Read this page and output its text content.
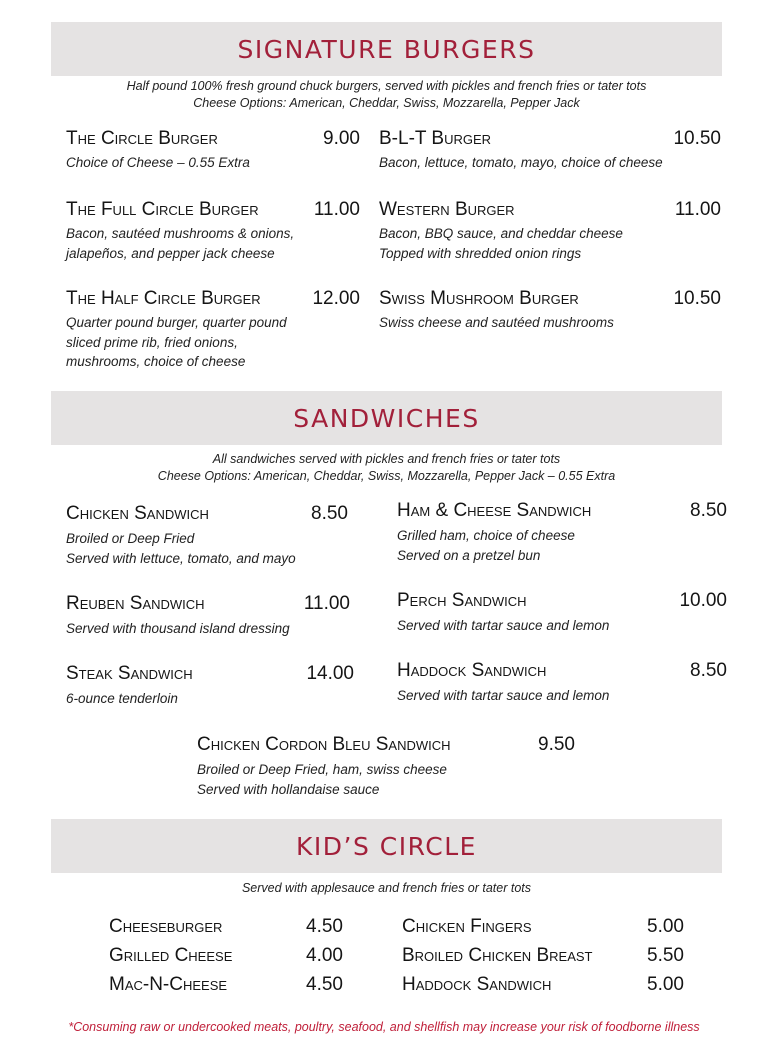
SIGNATURE BURGERS
Half pound 100% fresh ground chuck burgers, served with pickles and french fries or tater tots
Cheese Options: American, Cheddar, Swiss, Mozzarella, Pepper Jack
SANDWICHES
All sandwiches served with pickles and french fries or tater tots
Cheese Options: American, Cheddar, Swiss, Mozzarella, Pepper Jack – 0.55 Extra
KID’S CIRCLE
Served with applesauce and french fries or tater tots
The Circle Burger	9.00
Choice of Cheese – 0.55 Extra
B-L-T Burger	10.50
Bacon, lettuce, tomato, mayo, choice of cheese
The Full Circle Burger	11.00
Bacon, sautéed mushrooms & onions,
jalapeños, and pepper jack cheese
Western Burger	11.00
Bacon, BBQ sauce, and cheddar cheese
Topped with shredded onion rings
The Half Circle Burger	12.00
Quarter pound burger, quarter pound
sliced prime rib, fried onions,
mushrooms, choice of cheese
Swiss Mushroom Burger	10.50
Swiss cheese and sautéed mushrooms
Chicken Sandwich	8.50
Broiled or Deep Fried
Served with lettuce, tomato, and mayo
Ham & Cheese Sandwich	8.50
Grilled ham, choice of cheese
Served on a pretzel bun
Reuben Sandwich	11.00
Served with thousand island dressing
Perch Sandwich	10.00
Served with tartar sauce and lemon
Steak Sandwich	14.00
6-ounce tenderloin
Haddock Sandwich	8.50
Served with tartar sauce and lemon
Chicken Cordon Bleu Sandwich	9.50
Broiled or Deep Fried, ham, swiss cheese
Served with hollandaise sauce
Cheeseburger	4.50	Chicken Fingers	5.00
Grilled Cheese	4.00	Broiled Chicken Breast	5.50
Mac-N-Cheese	4.50	Haddock Sandwich	5.00
*Consuming raw or undercooked meats, poultry, seafood, and shellfish may increase your risk of foodborne illness
